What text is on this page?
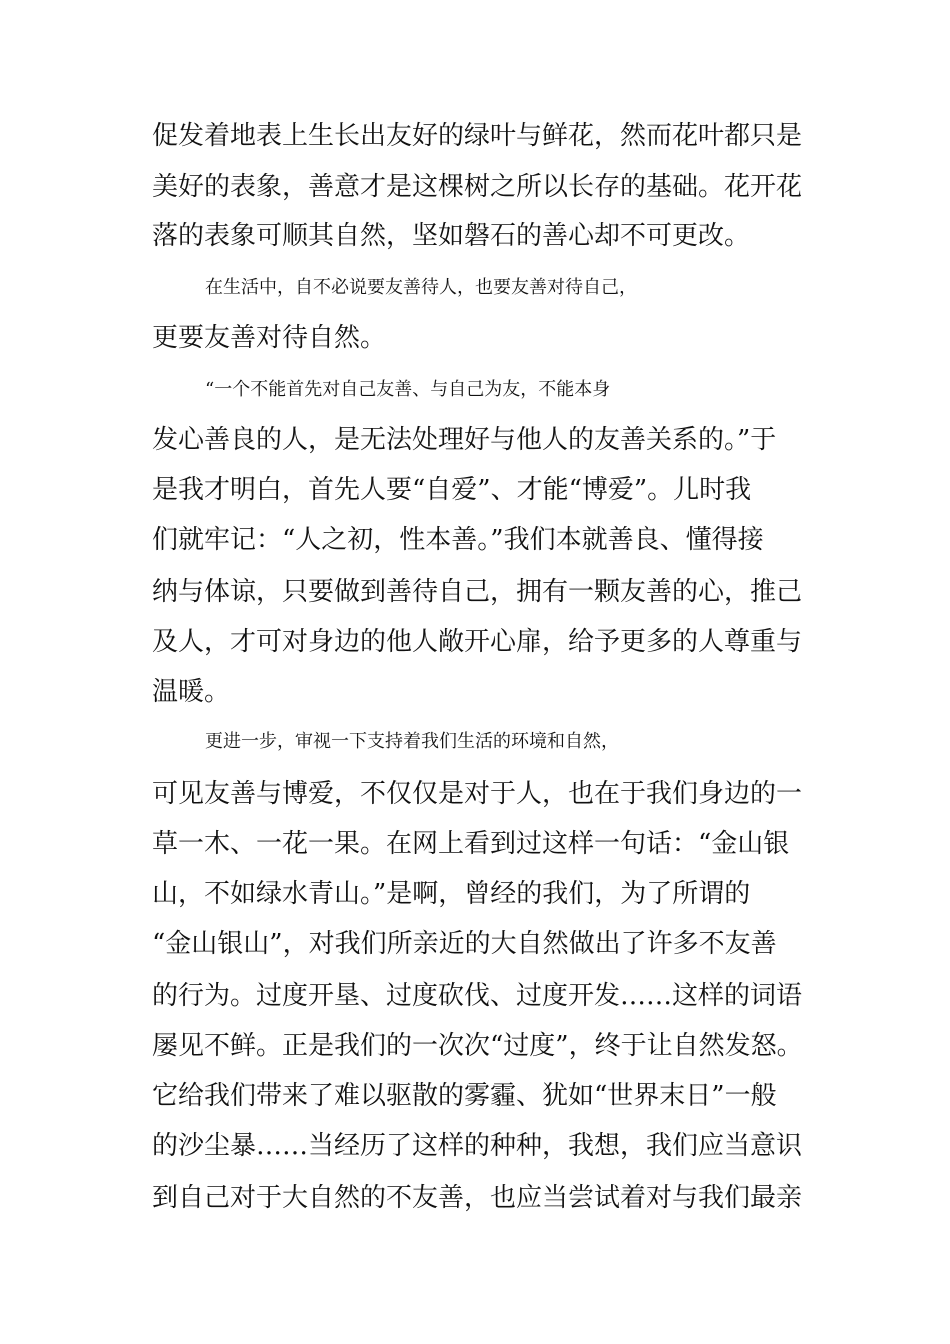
促发着地表上生长出友好的绿叶与鲜花，然而花叶都只是
美好的表象，善意才是这棵树之所以长存的基础。花开花
落的表象可顺其自然，坚如磐石的善心却不可更改。
在生活中，自不必说要友善待人，也要友善对待自己，
更要友善对待自然。
“一个不能首先对自己友善、与自己为友，不能本身
发心善良的人，是无法处理好与他人的友善关系的。”于
是我才明白，首先人要“自爱”、才能“博爱”。儿时我
们就牢记：“人之初，性本善。”我们本就善良、懂得接
纳与体谅，只要做到善待自己，拥有一颗友善的心，推己
及人，才可对身边的他人敞开心扉，给予更多的人尊重与
温暖。
更进一步，审视一下支持着我们生活的环境和自然，
可见友善与博爱，不仅仅是对于人，也在于我们身边的一
草一木、一花一果。在网上看到过这样一句话：“金山银
山，不如绿水青山。”是啊，曾经的我们，为了所谓的
“金山银山”，对我们所亲近的大自然做出了许多不友善
的行为。过度开垦、过度砍伐、过度开发……这样的词语
屡见不鲜。正是我们的一次次“过度”，终于让自然发怒。
它给我们带来了难以驱散的雾霾、犹如“世界末日”一般
的沙尘暴……当经历了这样的种种，我想，我们应当意识
到自己对于大自然的不友善，也应当尝试着对与我们最亲
